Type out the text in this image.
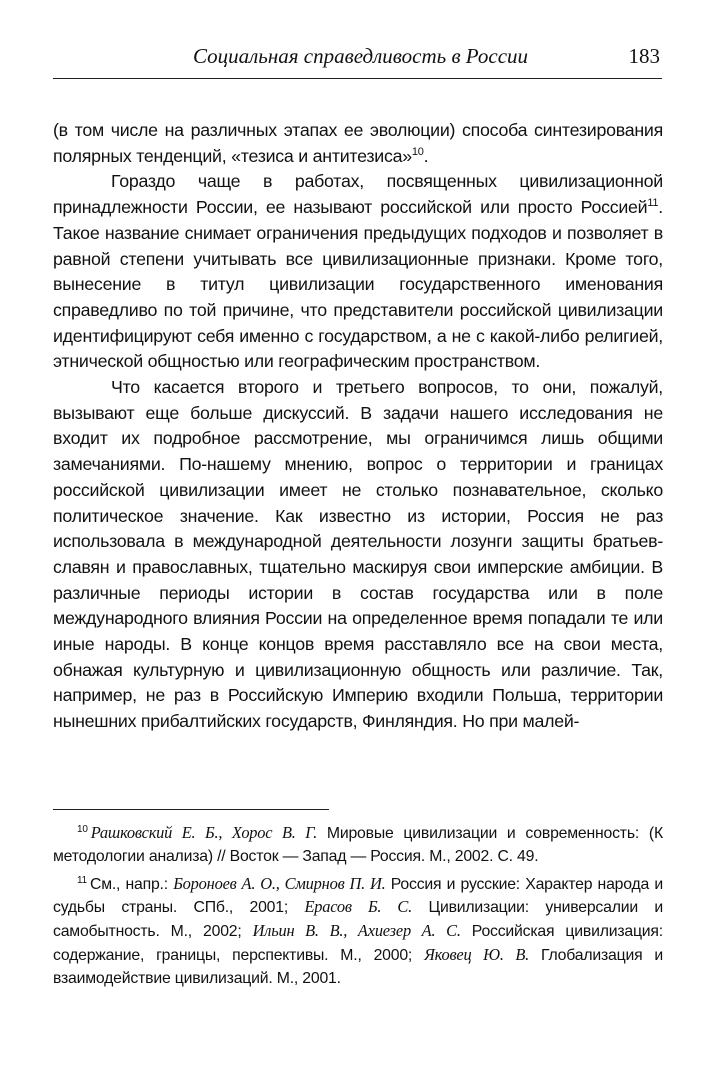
Социальная справедливость в России	183

(в том числе на различных этапах ее эволюции) способа синтезирования полярных тенденций, «тезиса и антитезиса»$^{10}$.

Гораздо чаще в работах, посвященных цивилизационной принадлежности России, ее называют российской или просто Россией$^{11}$. Такое название снимает ограничения предыдущих подходов и позволяет в равной степени учитывать все цивилизационные признаки. Кроме того, вынесение в титул цивилизации государственного именования справедливо по той причине, что представители российской цивилизации идентифицируют себя именно с государством, а не с какой-либо религией, этнической общностью или географическим пространством.

Что касается второго и третьего вопросов, то они, пожалуй, вызывают еще больше дискуссий. В задачи нашего исследования не входит их подробное рассмотрение, мы ограничимся лишь общими замечаниями. По-нашему мнению, вопрос о территории и границах российской цивилизации имеет не столько познавательное, сколько политическое значение. Как известно из истории, Россия не раз использовала в международной деятельности лозунги защиты братьев-славян и православных, тщательно маскируя свои имперские амбиции. В различные периоды истории в состав государства или в поле международного влияния России на определенное время попадали те или иные народы. В конце концов время расставляло все на свои места, обнажая культурную и цивилизационную общность или различие. Так, например, не раз в Российскую Империю входили Польша, территории нынешних прибалтийских государств, Финляндия. Но при малей-

$^{10}$ Рашковский Е. Б., Хорос В. Г. Мировые цивилизации и современность: (К методологии анализа) // Восток — Запад — Россия. М., 2002. С. 49.

$^{11}$ См., напр.: Бороноев А. О., Смирнов П. И. Россия и русские: Характер народа и судьбы страны. СПб., 2001; Ерасов Б. С. Цивилизации: универсалии и самобытность. М., 2002; Ильин В. В., Ахиезер А. С. Российская цивилизация: содержание, границы, перспективы. М., 2000; Яковец Ю. В. Глобализация и взаимодействие цивилизаций. М., 2001.
